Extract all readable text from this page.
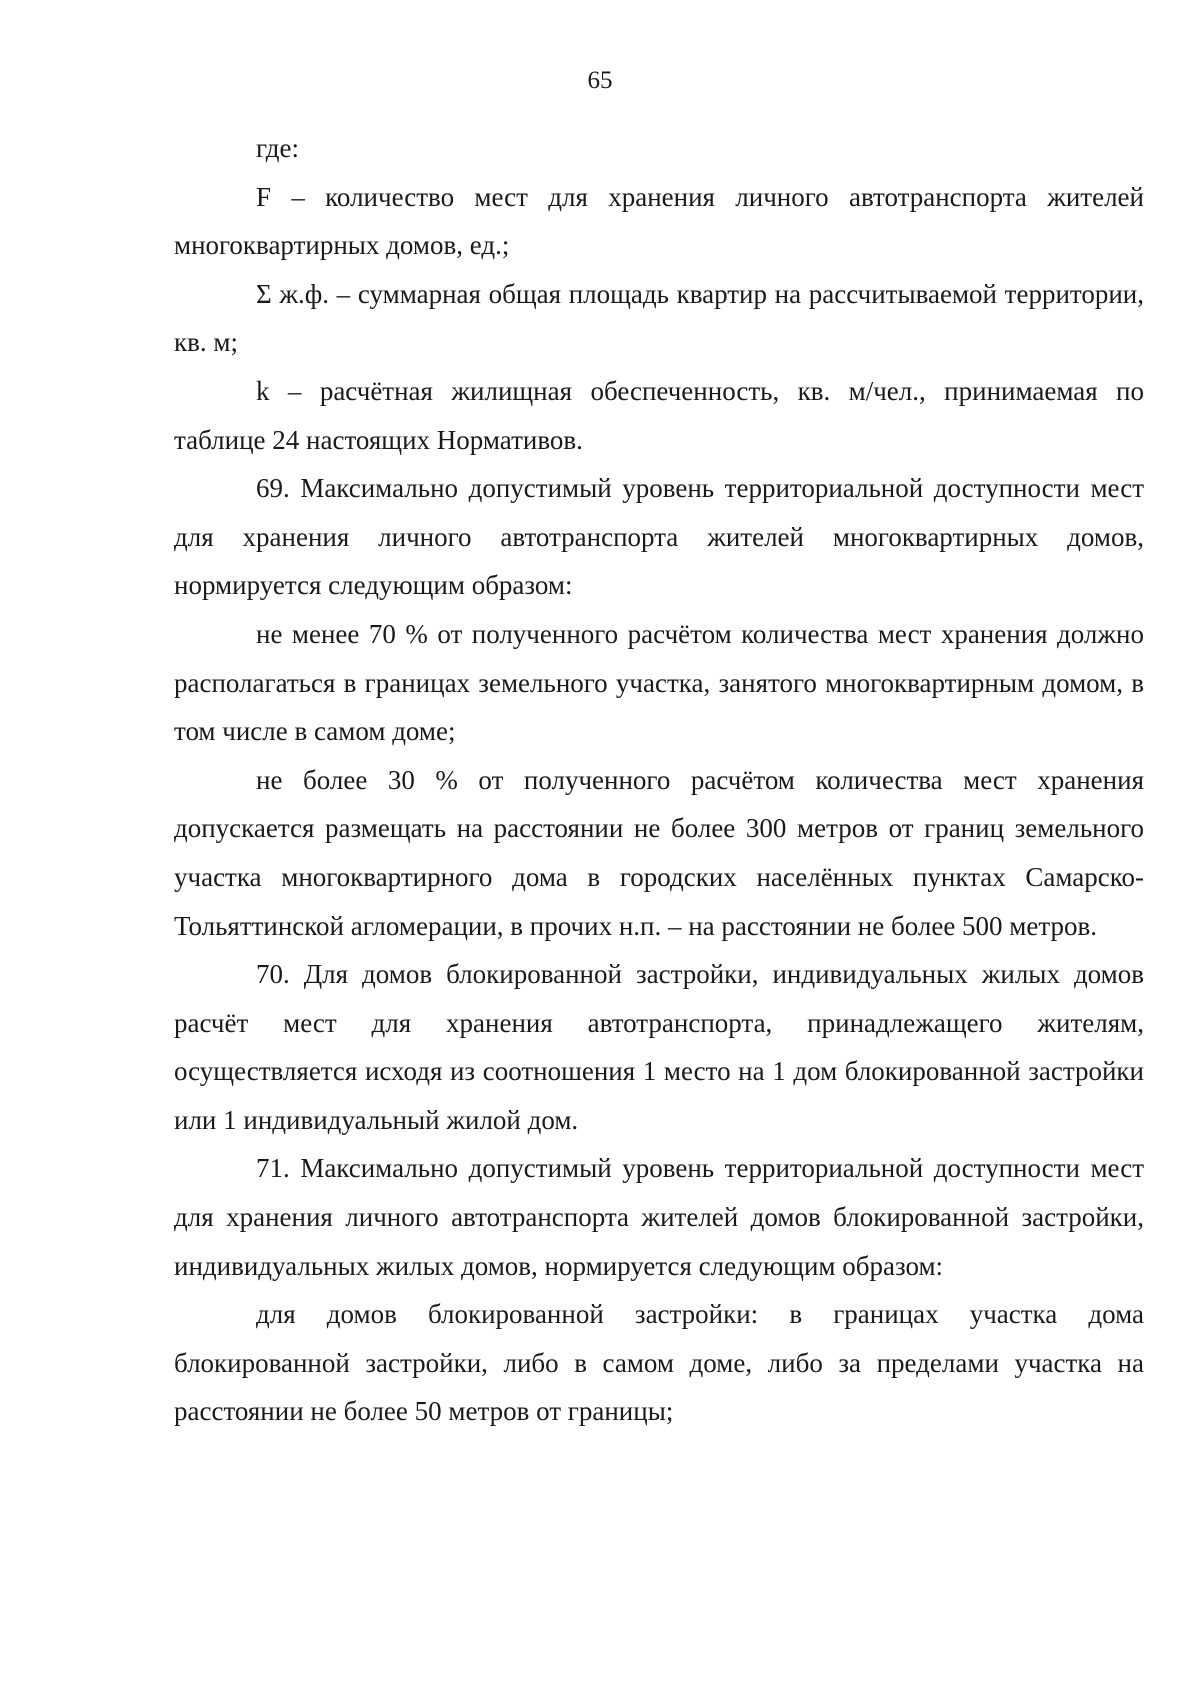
65

где:

F – количество мест для хранения личного автотранспорта жителей многоквартирных домов, ед.;

Σ ж.ф. – суммарная общая площадь квартир на рассчитываемой территории, кв. м;

k – расчётная жилищная обеспеченность, кв. м/чел., принимаемая по таблице 24 настоящих Нормативов.

69. Максимально допустимый уровень территориальной доступности мест для хранения личного автотранспорта жителей многоквартирных домов, нормируется следующим образом:

не менее 70 % от полученного расчётом количества мест хранения должно располагаться в границах земельного участка, занятого многоквартирным домом, в том числе в самом доме;

не более 30 % от полученного расчётом количества мест хранения допускается размещать на расстоянии не более 300 метров от границ земельного участка многоквартирного дома в городских населённых пунктах Самарско-Тольяттинской агломерации, в прочих н.п. – на расстоянии не более 500 метров.

70. Для домов блокированной застройки, индивидуальных жилых домов расчёт мест для хранения автотранспорта, принадлежащего жителям, осуществляется исходя из соотношения 1 место на 1 дом блокированной застройки или 1 индивидуальный жилой дом.

71. Максимально допустимый уровень территориальной доступности мест для хранения личного автотранспорта жителей домов блокированной застройки, индивидуальных жилых домов, нормируется следующим образом:

для домов блокированной застройки: в границах участка дома блокированной застройки, либо в самом доме, либо за пределами участка на расстоянии не более 50 метров от границы;
